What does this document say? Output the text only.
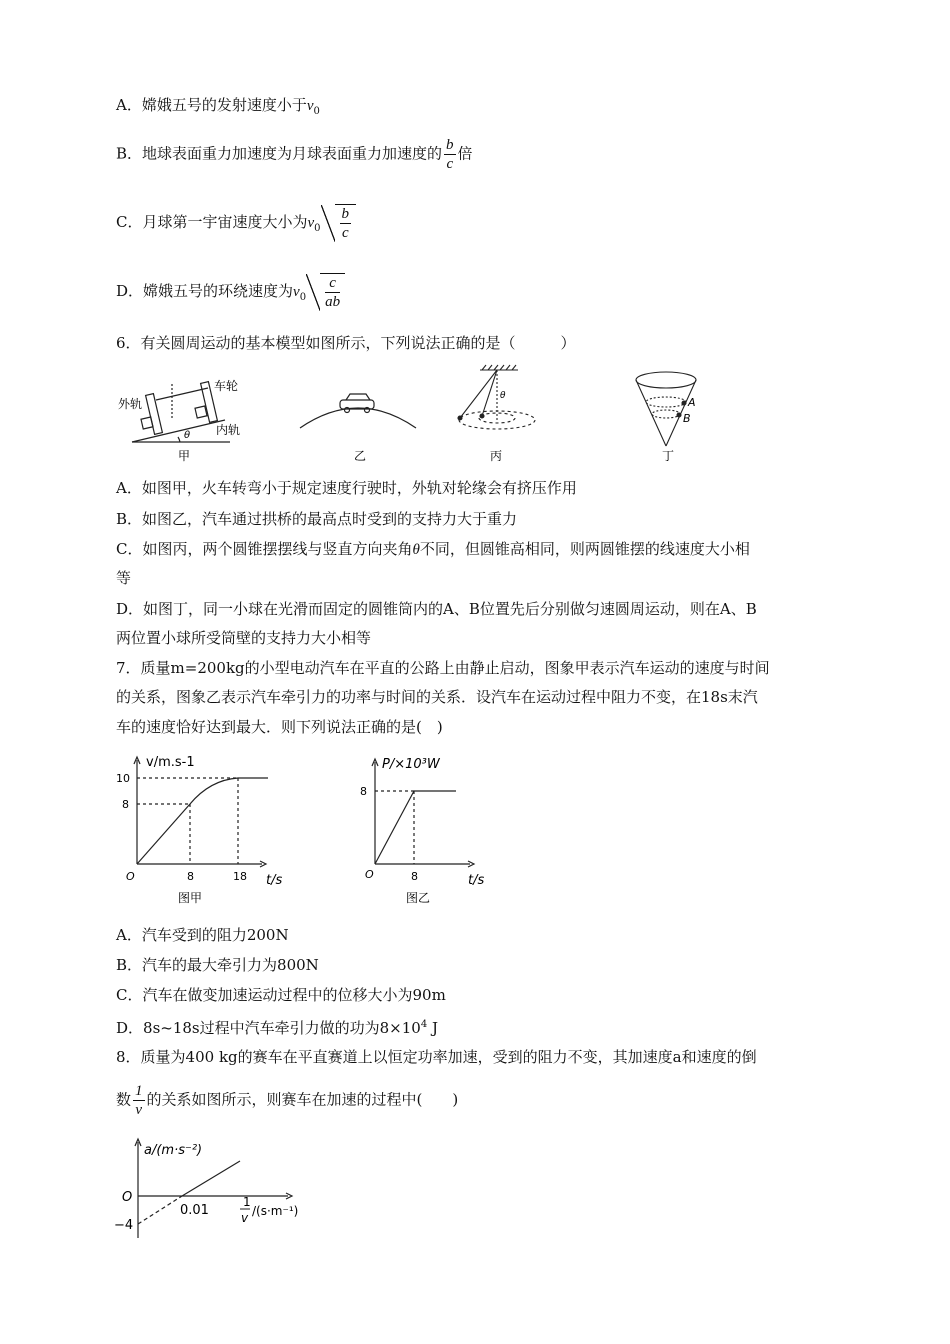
A．嫦娥五号的发射速度小于$v_0$
B．地球表面重力加速度为月球表面重力加速度的 $\frac{b}{c}$ 倍
C．月球第一宇宙速度大小为$v_0 \frac{b}{c}$
D．嫦娥五号的环绕速度为$v_0 \frac{c}{ab}$
6．有关圆周运动的基本模型如图所示，下列说法正确的是（　　　）
外轨
车轮
内轨
θ
甲	乙
θ
丙
A
B
丁
A．如图甲，火车转弯小于规定速度行驶时，外轨对轮缘会有挤压作用
B．如图乙，汽车通过拱桥的最高点时受到的支持力大于重力
C．如图丙，两个圆锥摆摆线与竖直方向夹角θ不同，但圆锥高相同，则两圆锥摆的线速度大小相
等
D．如图丁，同一小球在光滑而固定的圆锥筒内的A、B位置先后分别做匀速圆周运动，则在A、B
两位置小球所受筒壁的支持力大小相等
7．质量m=200kg的小型电动汽车在平直的公路上由静止启动，图象甲表示汽车运动的速度与时间
的关系，图象乙表示汽车牵引力的功率与时间的关系．设汽车在运动过程中阻力不变，在18s末汽
车的速度恰好达到最大．则下列说法正确的是(　)
v/m.s-1
t/s
O
10
8
8	18
图甲
P/×10³W
t/s
O
8
8
图乙
A．汽车受到的阻力200N
B．汽车的最大牵引力为800N
C．汽车在做变加速运动过程中的位移大小为90m
D．8s~18s过程中汽车牵引力做的功为$8\times 10^4$ J
8．质量为400 kg的赛车在平直赛道上以恒定功率加速，受到的阻力不变，其加速度a和速度的倒
数 $\frac{1}{v}$ 的关系如图所示，则赛车在加速的过程中(　　)
a/(m·s⁻²)
O
−4
0.01
1
v /(s·m⁻¹)
